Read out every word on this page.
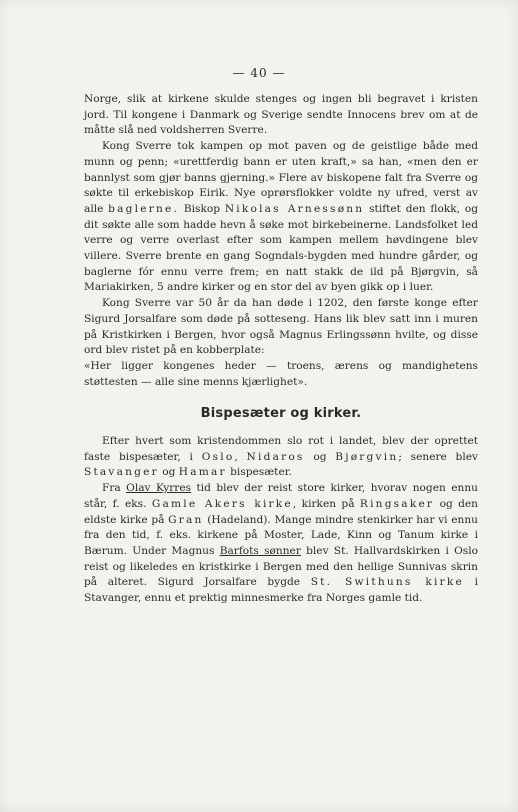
— 40 —

Norge, slik at kirkene skulde stenges og ingen bli begravet i kristen jord. Til kongene i Danmark og Sverige sendte Innocens brev om at de måtte slå ned voldsherren Sverre.

Kong Sverre tok kampen op mot paven og de geistlige både med munn og penn; «urettferdig bann er uten kraft,» sa han, «men den er bannlyst som gjør banns gjerning.» Flere av biskopene falt fra Sverre og søkte til erkebiskop Eirik. Nye oprørsflokker voldte ny ufred, verst av alle baglerne. Biskop Nikolas Arnessønn stiftet den flokk, og dit søkte alle som hadde hevn å søke mot birkebeinerne. Landsfolket led verre og verre overlast efter som kampen mellem høvdingene blev villere. Sverre brente en gang Sogndals-bygden med hundre gårder, og baglerne fór ennu verre frem; en natt stakk de ild på Bjørgvin, så Mariakirken, 5 andre kirker og en stor del av byen gikk op i luer.

Kong Sverre var 50 år da han døde i 1202, den første konge efter Sigurd Jorsalfare som døde på sotteseng. Hans lik blev satt inn i muren på Kristkirken i Bergen, hvor også Magnus Erlingssønn hvilte, og disse ord blev ristet på en kobberplate:

«Her ligger kongenes heder — troens, ærens og mandighetens støttesten — alle sine menns kjærlighet».

Bispesæter og kirker.

Efter hvert som kristendommen slo rot i landet, blev der oprettet faste bispesæter, i Oslo, Nidaros og Bjørgvin; senere blev Stavanger og Hamar bispesæter.

Fra Olav Kyrres tid blev der reist store kirker, hvorav nogen ennu står, f. eks. Gamle Akers kirke, kirken på Ringsaker og den eldste kirke på Gran (Hadeland). Mange mindre stenkirker har vi ennu fra den tid, f. eks. kirkene på Moster, Lade, Kinn og Tanum kirke i Bærum. Under Magnus Barfots sønner blev St. Hallvardskirken i Oslo reist og likeledes en kristkirke i Bergen med den hellige Sunnivas skrin på alteret. Sigurd Jorsalfare bygde St. Swithuns kirke i Stavanger, ennu et prektig minnesmerke fra Norges gamle tid.
